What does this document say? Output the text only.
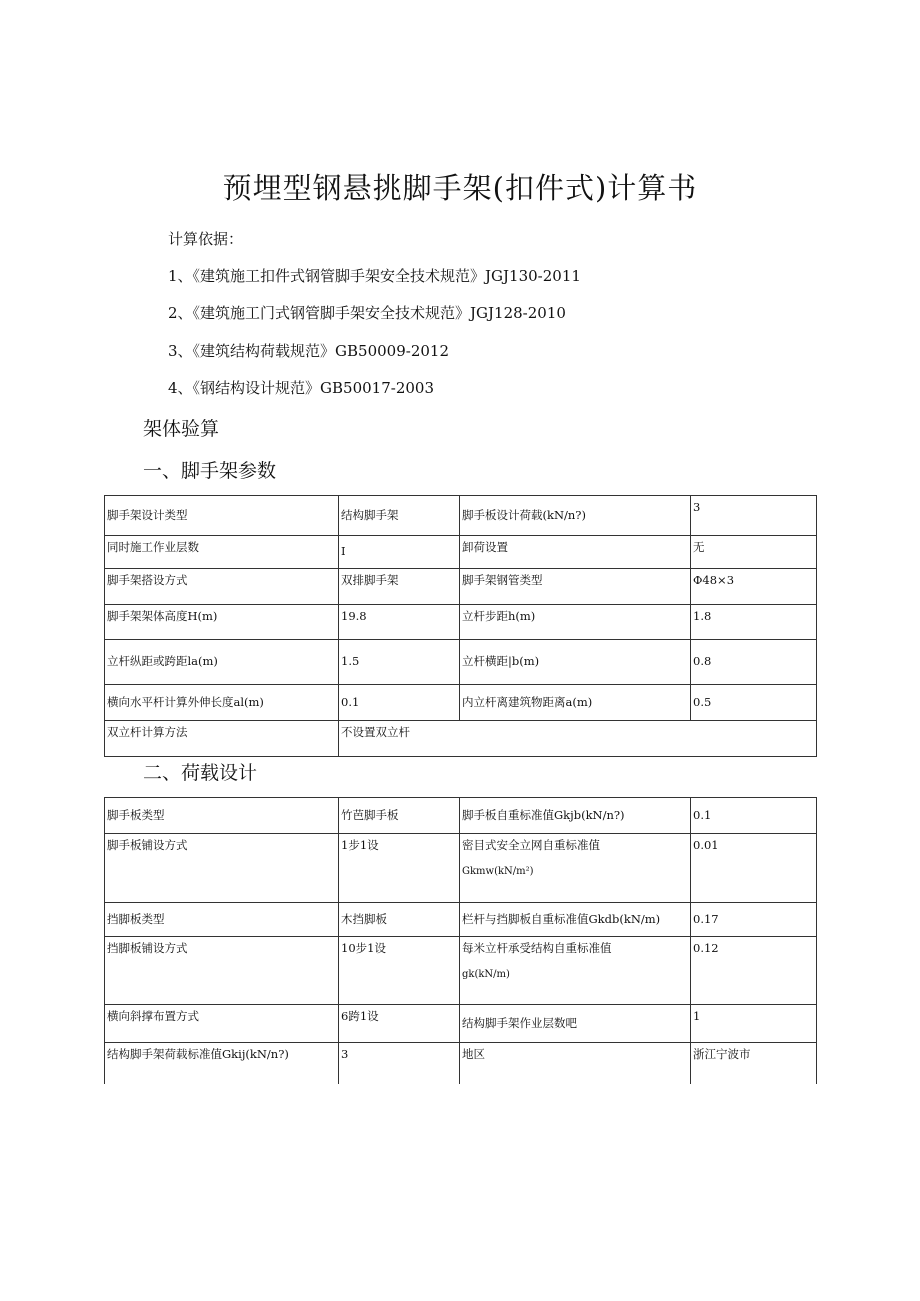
预埋型钢悬挑脚手架(扣件式)计算书
计算依据：
1、《建筑施工扣件式钢管脚手架安全技术规范》JGJ130-2011
2、《建筑施工门式钢管脚手架安全技术规范》JGJ128-2010
3、《建筑结构荷载规范》GB50009-2012
4、《钢结构设计规范》GB50017-2003
架体验算
一、脚手架参数
脚手架设计类型	结构脚手架	脚手板设计荷载(kN/n?)	3
同时施工作业层数	I	卸荷设置	无
脚手架搭设方式	双排脚手架	脚手架钢管类型	Φ48×3
脚手架架体高度H(m)	19.8	立杆步距h(m)	1.8
立杆纵距或跨距la(m)	1.5	立杆横距|b(m)	0.8
横向水平杆计算外伸长度al(m)	0.1	内立杆离建筑物距离a(m)	0.5
双立杆计算方法	不设置双立杆		
二、荷载设计
脚手板类型	竹芭脚手板	脚手板自重标准值Gkjb(kN/n?)	0.1
脚手板铺设方式	1步1设	密目式安全立网自重标准值
Gkmw(kN/m²)	0.01
挡脚板类型	木挡脚板	栏杆与挡脚板自重标准值Gkdb(kN/m)	0.17
挡脚板铺设方式	10步1设	每米立杆承受结构自重标准值
gk(kN/m)	0.12
横向斜撑布置方式	6跨1设	结构脚手架作业层数吧	1
结构脚手架荷载标准值Gkij(kN/n?)	3	地区	浙江宁波市
